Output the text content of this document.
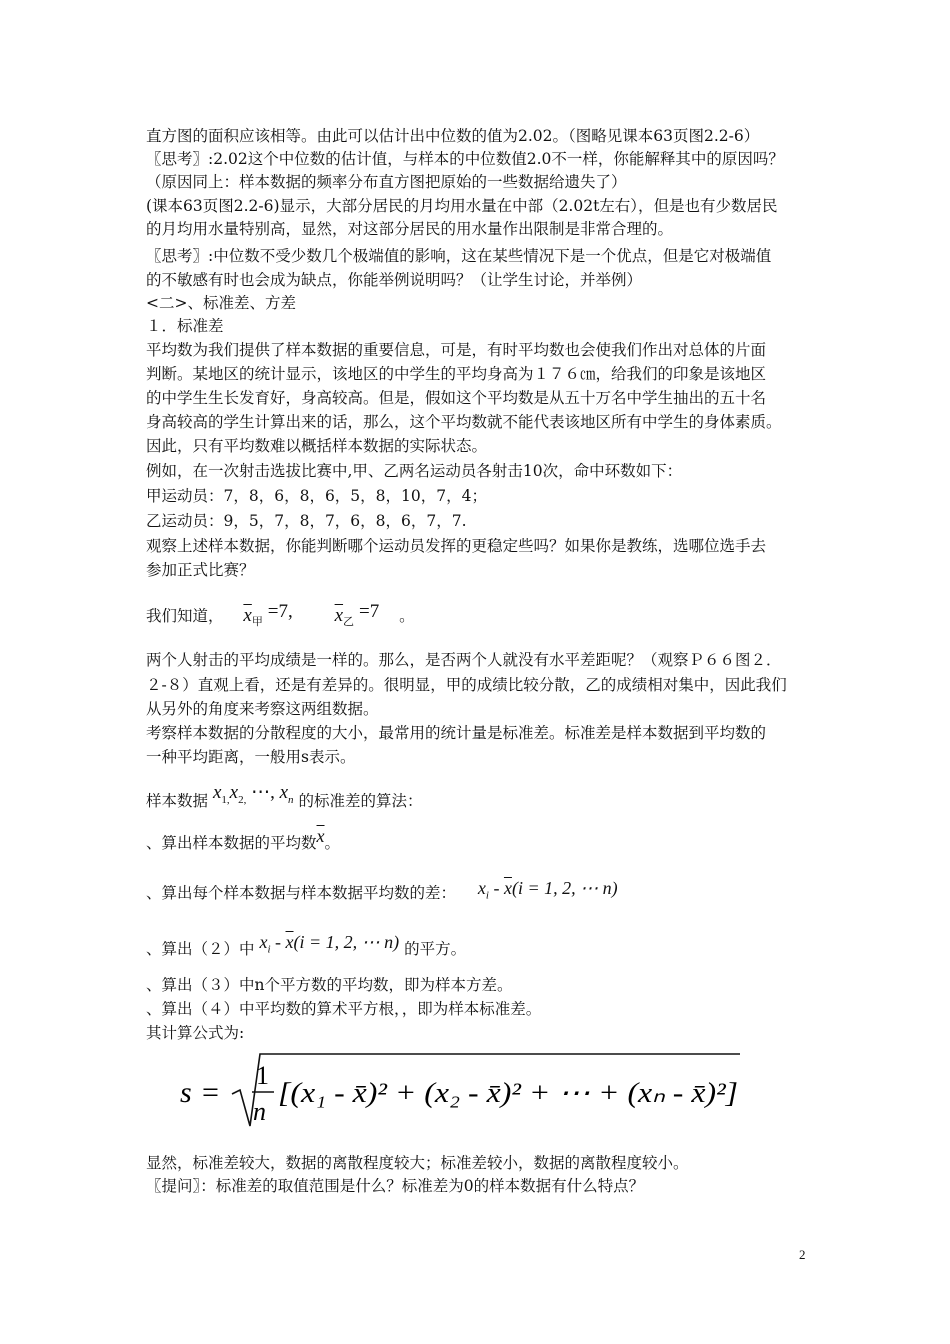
直方图的面积应该相等。由此可以估计出中位数的值为2.02。（图略见课本63页图2.2-6）
〖思考〗:2.02这个中位数的估计值，与样本的中位数值2.0不一样，你能解释其中的原因吗？
（原因同上：样本数据的频率分布直方图把原始的一些数据给遗失了）
(课本63页图2.2-6)显示，大部分居民的月均用水量在中部（2.02t左右），但是也有少数居民
的月均用水量特别高，显然，对这部分居民的用水量作出限制是非常合理的。
〖思考〗:中位数不受少数几个极端值的影响，这在某些情况下是一个优点，但是它对极端值
的不敏感有时也会成为缺点，你能举例说明吗？（让学生讨论，并举例）
<二>、标准差、方差
１．标准差
平均数为我们提供了样本数据的重要信息，可是，有时平均数也会使我们作出对总体的片面
判断。某地区的统计显示，该地区的中学生的平均身高为１７６㎝，给我们的印象是该地区
的中学生生长发育好，身高较高。但是，假如这个平均数是从五十万名中学生抽出的五十名
身高较高的学生计算出来的话，那么，这个平均数就不能代表该地区所有中学生的身体素质。
因此，只有平均数难以概括样本数据的实际状态。
例如，在一次射击选拔比赛中,甲、乙两名运动员各射击10次，命中环数如下：
甲运动员：7，8，6，8，6，5，8，10，7，4；
乙运动员：9，5，7，8，7，6，8，6，7，7.
观察上述样本数据，你能判断哪个运动员发挥的更稳定些吗？如果你是教练，选哪位选手去
参加正式比赛？
我们知道， $\overline{x}_甲 =7$, $\overline{x}_乙 =7$ 。
两个人射击的平均成绩是一样的。那么，是否两个人就没有水平差距呢？（观察Ｐ６６图２．
２-８）直观上看，还是有差异的。很明显，甲的成绩比较分散，乙的成绩相对集中，因此我们
从另外的角度来考察这两组数据。
考察样本数据的分散程度的大小，最常用的统计量是标准差。标准差是样本数据到平均数的
一种平均距离，一般用s表示。
样本数据 $x_{1,}x_{2,}$ ⋯, $x_n$ 的标准差的算法：
、算出样本数据的平均数$\overline{x}$。
、算出每个样本数据与样本数据平均数的差： $x_i - \overline{x}(i = 1$, 2, ⋯ n)
、算出（２）中 $x_i - \overline{x}(i = 1$, 2, ⋯ n) 的平方。
、算出（３）中n个平方数的平均数，即为样本方差。
、算出（４）中平均数的算术平方根，，即为样本标准差。
其计算公式为:
s =
1
n
[(x₁ - x̄)² + (x₂ - x̄)² + ⋯ + (xₙ - x̄)²]
显然，标准差较大，数据的离散程度较大；标准差较小，数据的离散程度较小。
〖提问〗：标准差的取值范围是什么？标准差为0的样本数据有什么特点？
2
